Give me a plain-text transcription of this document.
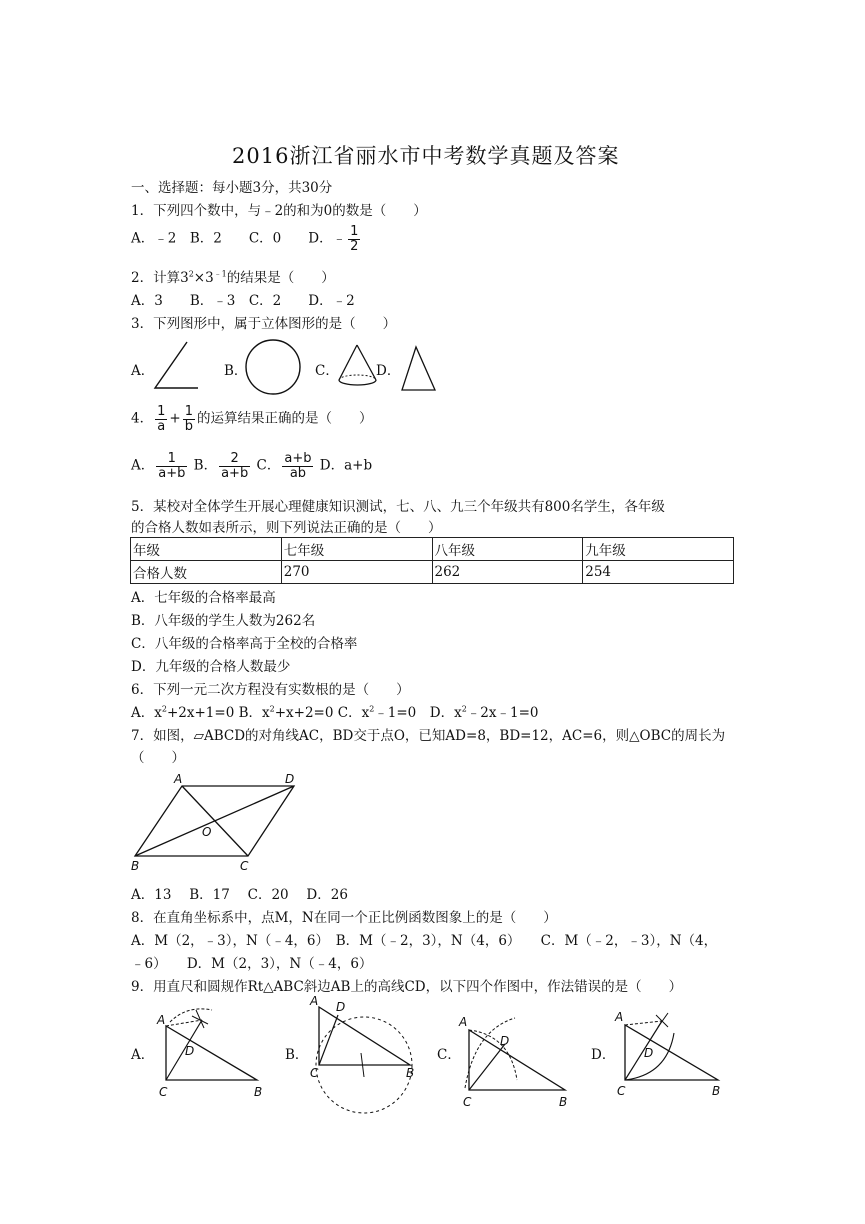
2016浙江省丽水市中考数学真题及答案
一、选择题：每小题3分，共30分
1．下列四个数中，与﹣2的和为0的数是（　　）
A．﹣2　B．2　　C．0　　D．﹣ $\frac{1}{2}$
2．计算$3^2\times 3^{﹣1}$的结果是（　　）
A．3　　B．﹣3　C．2　　D．﹣2
3．下列图形中，属于立体图形的是（　　）
A．	B．	C．	D．
4． $\frac{1}{a} + \frac{1}{b}$ 的运算结果正确的是（　　）
A． $\frac{1}{a+b}$ B． $\frac{2}{a+b}$ C． $\frac{a+b}{ab}$ D．a+b
5．某校对全体学生开展心理健康知识测试，七、八、九三个年级共有800名学生，各年级
的合格人数如表所示，则下列说法正确的是（　　）
年级	七年级	八年级	九年级
合格人数	270	262	254
A．七年级的合格率最高
B．八年级的学生人数为262名
C．八年级的合格率高于全校的合格率
D．九年级的合格人数最少
6．下列一元二次方程没有实数根的是（　　）
A．$x^2+2x+1=0$ B．$x^2+x+2=0$ C．$x^2﹣1=0$　D．$x^2﹣2x﹣1=0$
7．如图，▱ABCD的对角线AC，BD交于点O，已知AD=8，BD=12，AC=6，则△OBC的周长为
（　　）
A	D
O
B	C
A．13　 B．17　 C．20　 D．26
8．在直角坐标系中，点M，N在同一个正比例函数图象上的是（　　）
A．M（2，﹣3），N（﹣4，6）　B．M（﹣2，3），N（4，6）　　C．M（﹣2，﹣3），N（4，
﹣6）　　D．M（2，3），N（﹣4，6）
9．用直尺和圆规作Rt△ABC斜边AB上的高线CD，以下四个作图中，作法错误的是（　　）
A．
A
D
C	B
B．
A D
C	B
C．
A
D
C	B
D．
A
D
C	B
